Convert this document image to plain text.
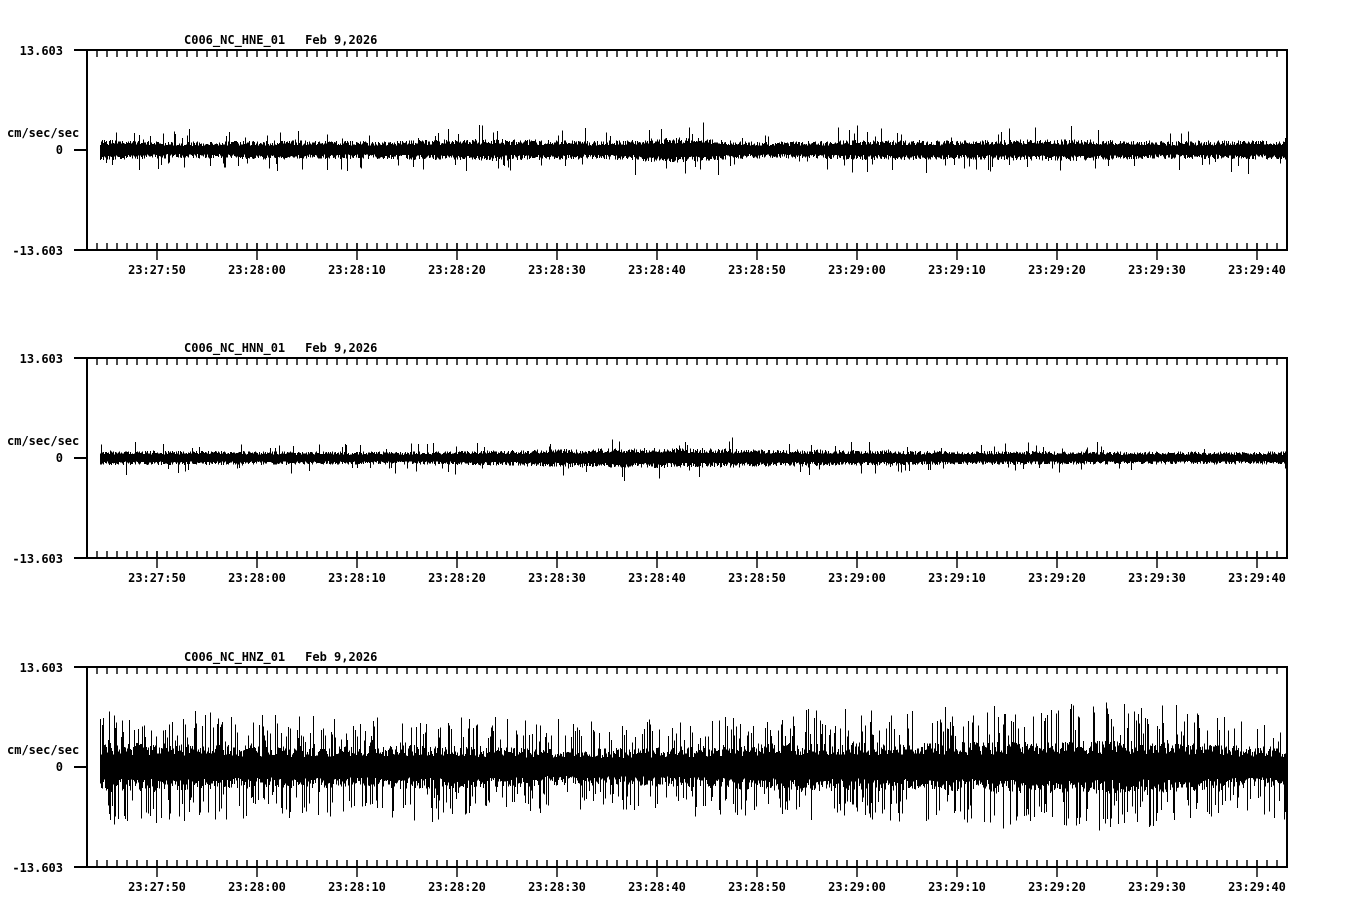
C006_NC_HNE_01 Feb 9,2026
13.603
cm/sec/sec
0
-13.603
23:27:50	23:28:00	23:28:10	23:28:20	23:28:30	23:28:40	23:28:50	23:29:00	23:29:10	23:29:20	23:29:30	23:29:40
C006_NC_HNN_01 Feb 9,2026
13.603
cm/sec/sec
0
-13.603
23:27:50	23:28:00	23:28:10	23:28:20	23:28:30	23:28:40	23:28:50	23:29:00	23:29:10	23:29:20	23:29:30	23:29:40
C006_NC_HNZ_01 Feb 9,2026
13.603
cm/sec/sec
0
-13.603
23:27:50	23:28:00	23:28:10	23:28:20	23:28:30	23:28:40	23:28:50	23:29:00	23:29:10	23:29:20	23:29:30	23:29:40
